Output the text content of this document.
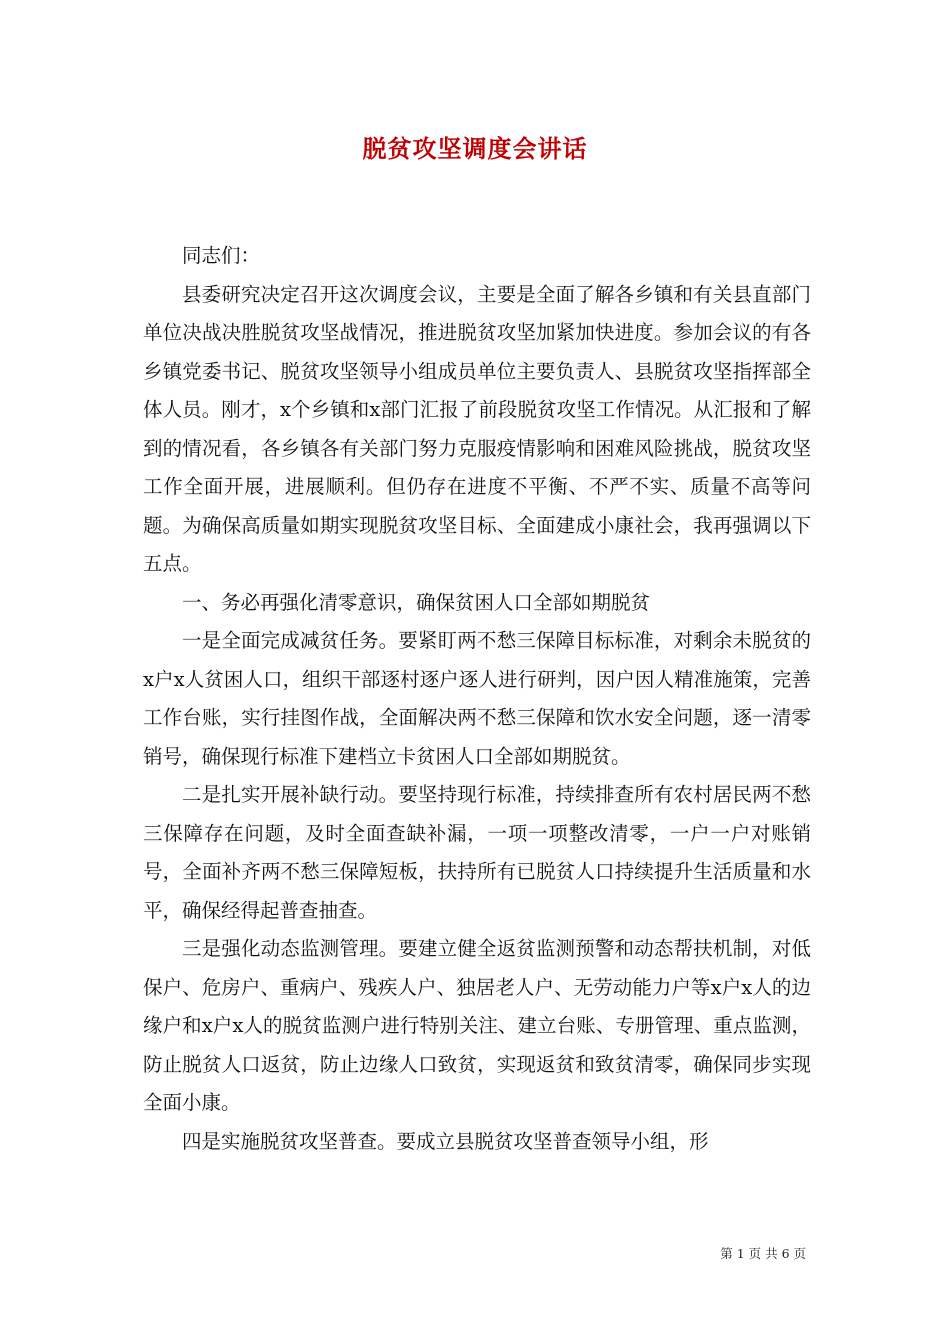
脱贫攻坚调度会讲话

同志们：

县委研究决定召开这次调度会议，主要是全面了解各乡镇和有关县直部门单位决战决胜脱贫攻坚战情况，推进脱贫攻坚加紧加快进度。参加会议的有各乡镇党委书记、脱贫攻坚领导小组成员单位主要负责人、县脱贫攻坚指挥部全体人员。刚才，x个乡镇和x部门汇报了前段脱贫攻坚工作情况。从汇报和了解到的情况看，各乡镇各有关部门努力克服疫情影响和困难风险挑战，脱贫攻坚工作全面开展，进展顺利。但仍存在进度不平衡、不严不实、质量不高等问题。为确保高质量如期实现脱贫攻坚目标、全面建成小康社会，我再强调以下五点。

一、务必再强化清零意识，确保贫困人口全部如期脱贫

一是全面完成减贫任务。要紧盯两不愁三保障目标标准，对剩余未脱贫的x户x人贫困人口，组织干部逐村逐户逐人进行研判，因户因人精准施策，完善工作台账，实行挂图作战，全面解决两不愁三保障和饮水安全问题，逐一清零销号，确保现行标准下建档立卡贫困人口全部如期脱贫。

二是扎实开展补缺行动。要坚持现行标准，持续排查所有农村居民两不愁三保障存在问题，及时全面查缺补漏，一项一项整改清零，一户一户对账销号，全面补齐两不愁三保障短板，扶持所有已脱贫人口持续提升生活质量和水平，确保经得起普查抽查。

三是强化动态监测管理。要建立健全返贫监测预警和动态帮扶机制，对低保户、危房户、重病户、残疾人户、独居老人户、无劳动能力户等x户x人的边缘户和x户x人的脱贫监测户进行特别关注、建立台账、专册管理、重点监测，防止脱贫人口返贫，防止边缘人口致贫，实现返贫和致贫清零，确保同步实现全面小康。

四是实施脱贫攻坚普查。要成立县脱贫攻坚普查领导小组，形

第 1 页 共 6 页
